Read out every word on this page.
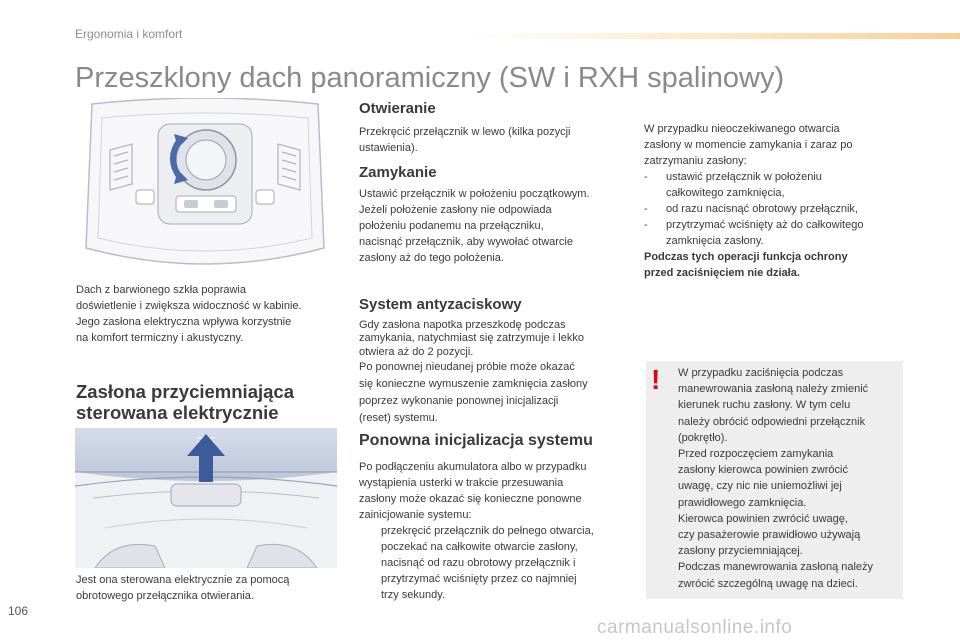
Ergonomia i komfort
Przeszklony dach panoramiczny (SW i RXH spalinowy)

Dach z barwionego szkła poprawia

doświetlenie i zwiększa widoczność w kabinie.

Jego zasłona elektryczna wpływa korzystnie

na komfort termiczny i akustyczny.

Zasłona przyciemniająca
sterowana elektrycznie

Jest ona sterowana elektrycznie za pomocą

obrotowego przełącznika otwierania.

Otwieranie

Przekręcić przełącznik w lewo (kilka pozycji

ustawienia).

Zamykanie

Ustawić przełącznik w położeniu początkowym.

Jeżeli położenie zasłony nie odpowiada

położeniu podanemu na przełączniku,

nacisnąć przełącznik, aby wywołać otwarcie

zasłony aż do tego położenia.

System antyzaciskowy

Gdy zasłona napotka przeszkodę podczas

zamykania, natychmiast się zatrzymuje i lekko

otwiera aż do 2 pozycji.

Po ponownej nieudanej próbie może okazać

się konieczne wymuszenie zamknięcia zasłony

poprzez wykonanie ponownej inicjalizacji

(reset) systemu.

Ponowna inicjalizacja systemu

Po podłączeniu akumulatora albo w przypadku

wystąpienia usterki w trakcie przesuwania

zasłony może okazać się konieczne ponowne

zainicjowanie systemu:

przekręcić przełącznik do pełnego otwarcia,
poczekać na całkowite otwarcie zasłony,
nacisnąć od razu obrotowy przełącznik i
przytrzymać wciśnięty przez co najmniej
trzy sekundy.

W przypadku nieoczekiwanego otwarcia

zasłony w momencie zamykania i zaraz po

zatrzymaniu zasłony:

-	ustawić przełącznik w położeniu
całkowitego zamknięcia,
-	od razu nacisnąć obrotowy przełącznik,
-	przytrzymać wciśnięty aż do całkowitego
zamknięcia zasłony.

Podczas tych operacji funkcja ochrony

przed zaciśnięciem nie działa.

! W przypadku zaciśnięcia podczas
manewrowania zasłoną należy zmienić
kierunek ruchu zasłony. W tym celu
należy obrócić odpowiedni przełącznik
(pokrętło).
Przed rozpoczęciem zamykania
zasłony kierowca powinien zwrócić
uwagę, czy nic nie uniemożliwi jej
prawidłowego zamknięcia.
Kierowca powinien zwrócić uwagę,
czy pasażerowie prawidłowo używają
zasłony przyciemniającej.
Podczas manewrowania zasłoną należy
zwrócić szczególną uwagę na dzieci.
106
carmanualsonline.info
